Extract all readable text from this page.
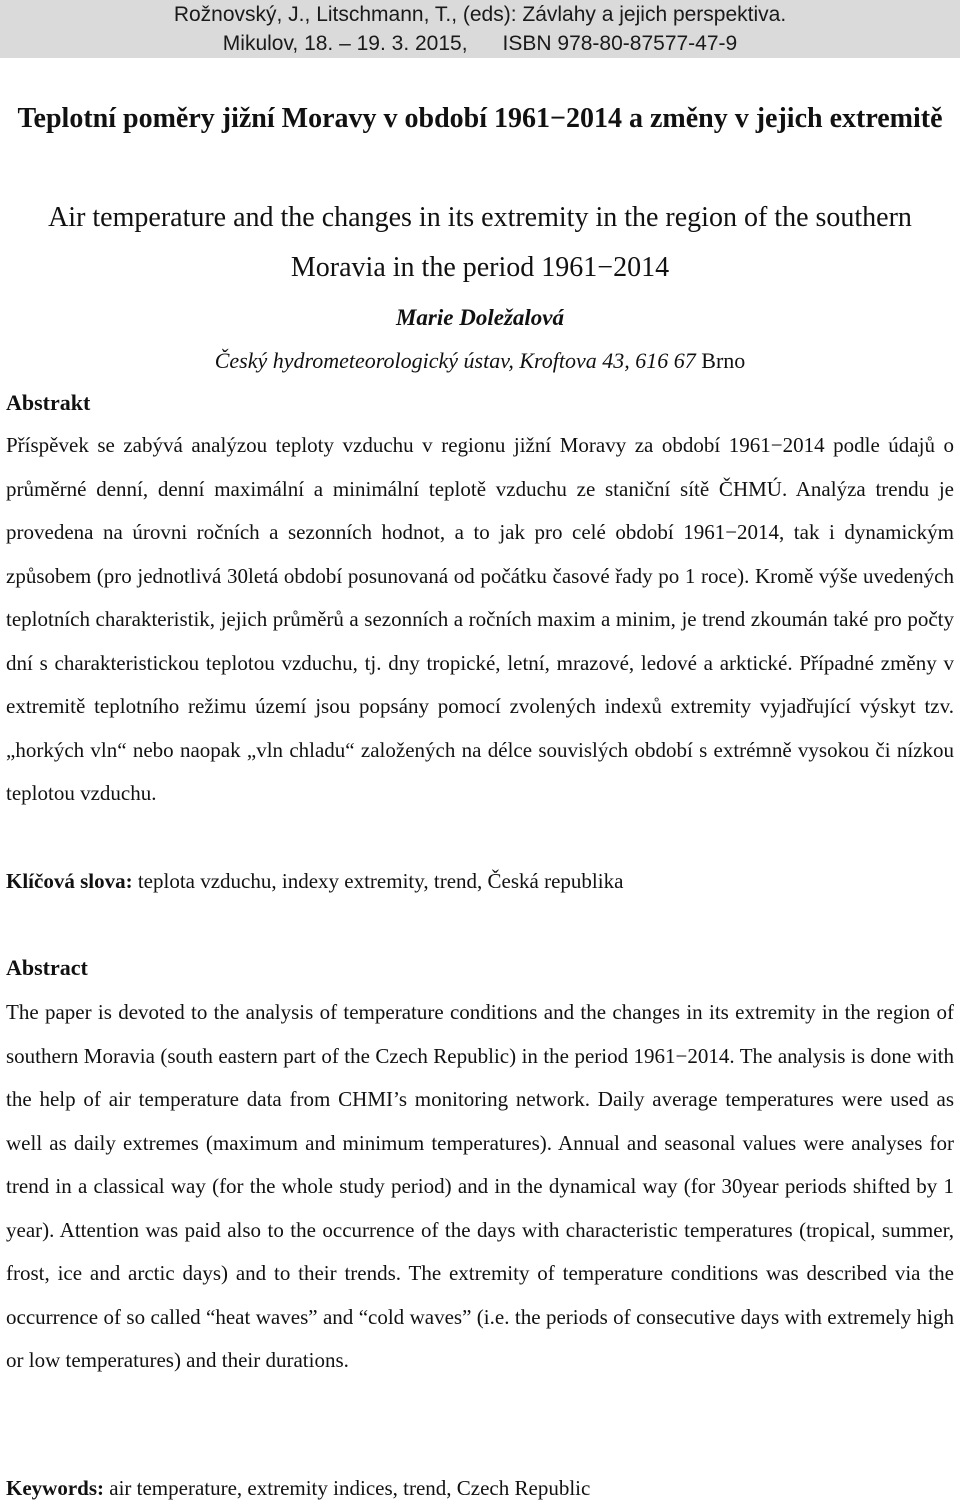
Rožnovský, J., Litschmann, T., (eds): Závlahy a jejich perspektiva.
Mikulov, 18. – 19. 3. 2015,      ISBN 978-80-87577-47-9
Teplotní poměry jižní Moravy v období 1961−2014 a změny v jejich extremitě
Air temperature and the changes in its extremity in the region of the southern Moravia in the period 1961−2014
Marie Doležalová
Český hydrometeorologický ústav, Kroftova 43, 616 67 Brno
Abstrakt
Příspěvek se zabývá analýzou teploty vzduchu v regionu jižní Moravy za období 1961−2014 podle údajů o průměrné denní, denní maximální a minimální teplotě vzduchu ze staniční sítě ČHMÚ. Analýza trendu je provedena na úrovni ročních a sezonních hodnot, a to jak pro celé období 1961−2014, tak i dynamickým způsobem (pro jednotlivá 30letá období posunovaná od počátku časové řady po 1 roce). Kromě výše uvedených teplotních charakteristik, jejich průměrů a sezonních a ročních maxim a minim, je trend zkoumán také pro počty dní s charakteristickou teplotou vzduchu, tj. dny tropické, letní, mrazové, ledové a arktické. Případné změny v extremitě teplotního režimu území jsou popsány pomocí zvolených indexů extremity vyjadřující výskyt tzv. „horkých vln“ nebo naopak „vln chladu“ založených na délce souvislých období s extrémně vysokou či nízkou teplotou vzduchu.
Klíčová slova: teplota vzduchu, indexy extremity, trend, Česká republika
Abstract
The paper is devoted to the analysis of temperature conditions and the changes in its extremity in the region of southern Moravia (south eastern part of the Czech Republic) in the period 1961−2014. The analysis is done with the help of air temperature data from CHMI’s monitoring network. Daily average temperatures were used as well as daily extremes (maximum and minimum temperatures). Annual and seasonal values were analyses for trend in a classical way (for the whole study period) and in the dynamical way (for 30year periods shifted by 1 year). Attention was paid also to the occurrence of the days with characteristic temperatures (tropical, summer, frost, ice and arctic days) and to their trends. The extremity of temperature conditions was described via the occurrence of so called “heat waves” and “cold waves” (i.e. the periods of consecutive days with extremely high or low temperatures) and their durations.
Keywords: air temperature, extremity indices, trend, Czech Republic
